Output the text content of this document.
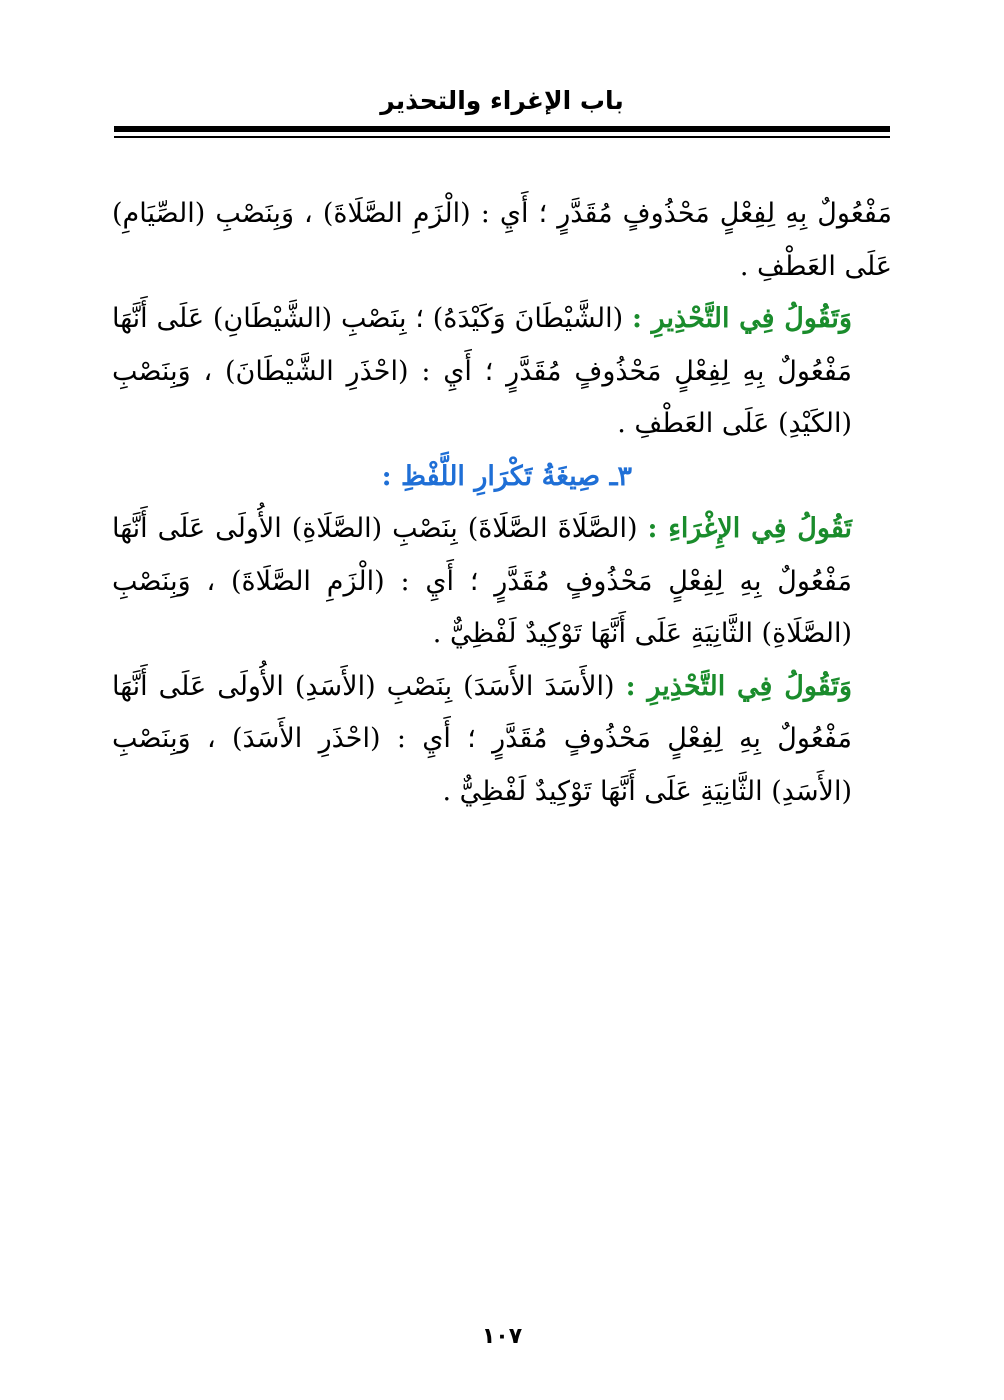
باب الإغراء والتحذير

مَفْعُولٌ بِهِ لِفِعْلٍ مَحْذُوفٍ مُقَدَّرٍ ؛ أَيِ : (الْزَمِ الصَّلَاةَ) ، وَبِنَصْبِ (الصِّيَامِ) عَلَى العَطْفِ .

وَتَقُولُ فِي التَّحْذِيرِ : (الشَّيْطَانَ وَكَيْدَهُ) ؛ بِنَصْبِ (الشَّيْطَانِ) عَلَى أَنَّهَا مَفْعُولٌ بِهِ لِفِعْلٍ مَحْذُوفٍ مُقَدَّرٍ ؛ أَيِ : (احْذَرِ الشَّيْطَانَ) ، وَبِنَصْبِ (الكَيْدِ) عَلَى العَطْفِ .

٣ـ صِيغَةُ تَكْرَارِ اللَّفْظِ :

تَقُولُ فِي الإِغْرَاءِ : (الصَّلَاةَ الصَّلَاةَ) بِنَصْبِ (الصَّلَاةِ) الأُولَى عَلَى أَنَّهَا مَفْعُولٌ بِهِ لِفِعْلٍ مَحْذُوفٍ مُقَدَّرٍ ؛ أَيِ : (الْزَمِ الصَّلَاةَ) ، وَبِنَصْبِ (الصَّلَاةِ) الثَّانِيَةِ عَلَى أَنَّهَا تَوْكِيدٌ لَفْظِيٌّ .

وَتَقُولُ فِي التَّحْذِيرِ : (الأَسَدَ الأَسَدَ) بِنَصْبِ (الأَسَدِ) الأُولَى عَلَى أَنَّهَا مَفْعُولٌ بِهِ لِفِعْلٍ مَحْذُوفٍ مُقَدَّرٍ ؛ أَيِ : (احْذَرِ الأَسَدَ) ، وَبِنَصْبِ (الأَسَدِ) الثَّانِيَةِ عَلَى أَنَّهَا تَوْكِيدٌ لَفْظِيٌّ .

١٠٧
